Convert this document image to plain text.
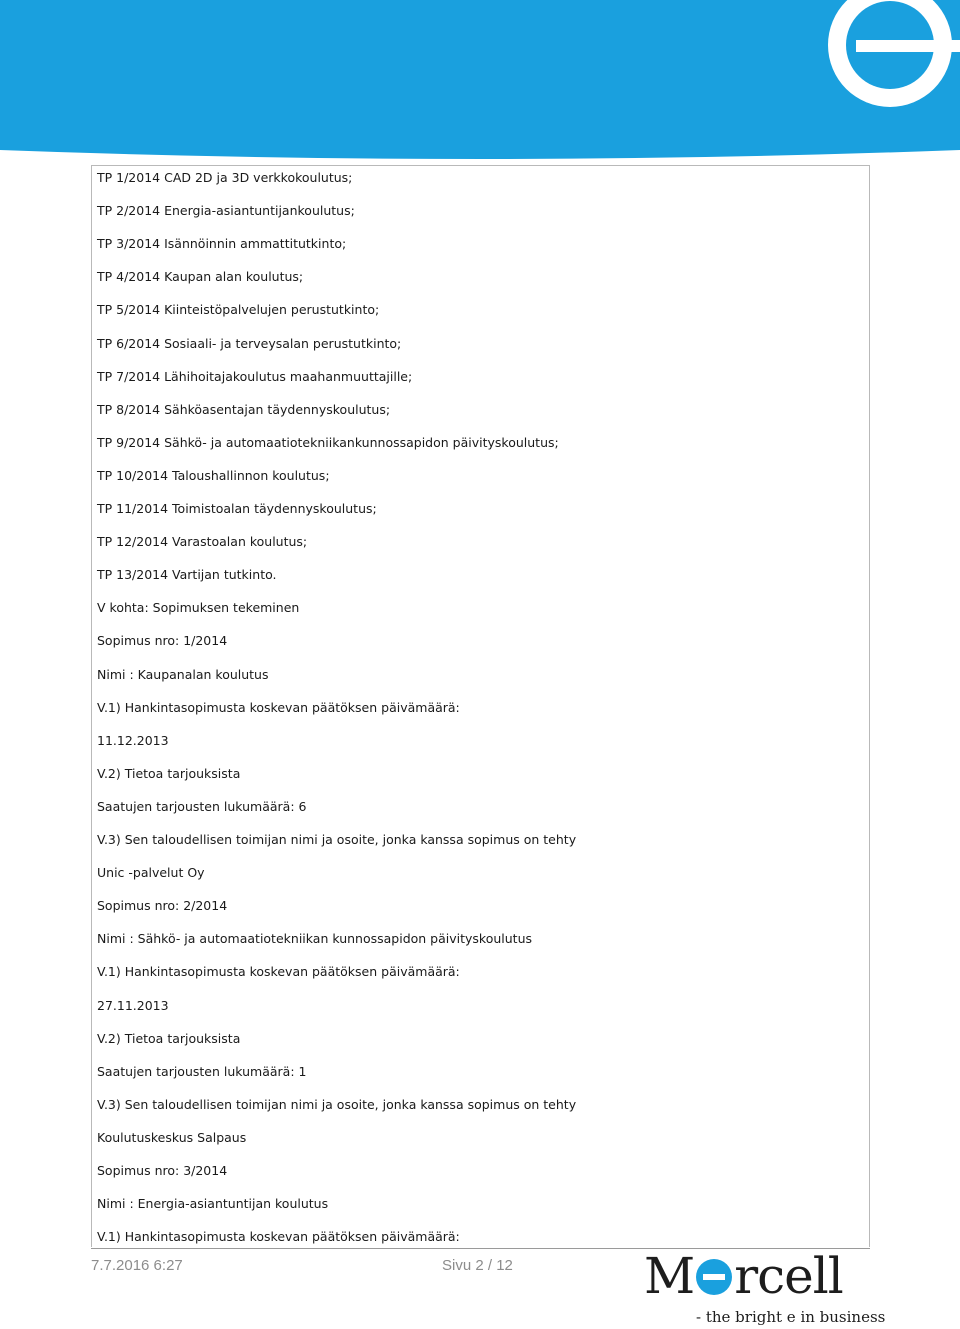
TP 1/2014 CAD 2D ja 3D verkkokoulutus;
TP 2/2014 Energia-asiantuntijankoulutus;
TP 3/2014 Isännöinnin ammattitutkinto;
TP 4/2014 Kaupan alan koulutus;
TP 5/2014 Kiinteistöpalvelujen perustutkinto;
TP 6/2014 Sosiaali- ja terveysalan perustutkinto;
TP 7/2014 Lähihoitajakoulutus maahanmuuttajille;
TP 8/2014 Sähköasentajan täydennyskoulutus;
TP 9/2014 Sähkö- ja automaatiotekniikankunnossapidon päivityskoulutus;
TP 10/2014 Taloushallinnon koulutus;
TP 11/2014 Toimistoalan täydennyskoulutus;
TP 12/2014 Varastoalan koulutus;
TP 13/2014 Vartijan tutkinto.
V kohta: Sopimuksen tekeminen
Sopimus nro: 1/2014
Nimi : Kaupanalan koulutus
V.1) Hankintasopimusta koskevan päätöksen päivämäärä:
11.12.2013
V.2) Tietoa tarjouksista
Saatujen tarjousten lukumäärä: 6
V.3) Sen taloudellisen toimijan nimi ja osoite, jonka kanssa sopimus on tehty
Unic -palvelut Oy
Sopimus nro: 2/2014
Nimi : Sähkö- ja automaatiotekniikan kunnossapidon päivityskoulutus
V.1) Hankintasopimusta koskevan päätöksen päivämäärä:
27.11.2013
V.2) Tietoa tarjouksista
Saatujen tarjousten lukumäärä: 1
V.3) Sen taloudellisen toimijan nimi ja osoite, jonka kanssa sopimus on tehty
Koulutuskeskus Salpaus
Sopimus nro: 3/2014
Nimi : Energia-asiantuntijan koulutus
V.1) Hankintasopimusta koskevan päätöksen päivämäärä:
7.7.2016 6:27	Sivu 2 / 12	M rcell
- the bright e in business
